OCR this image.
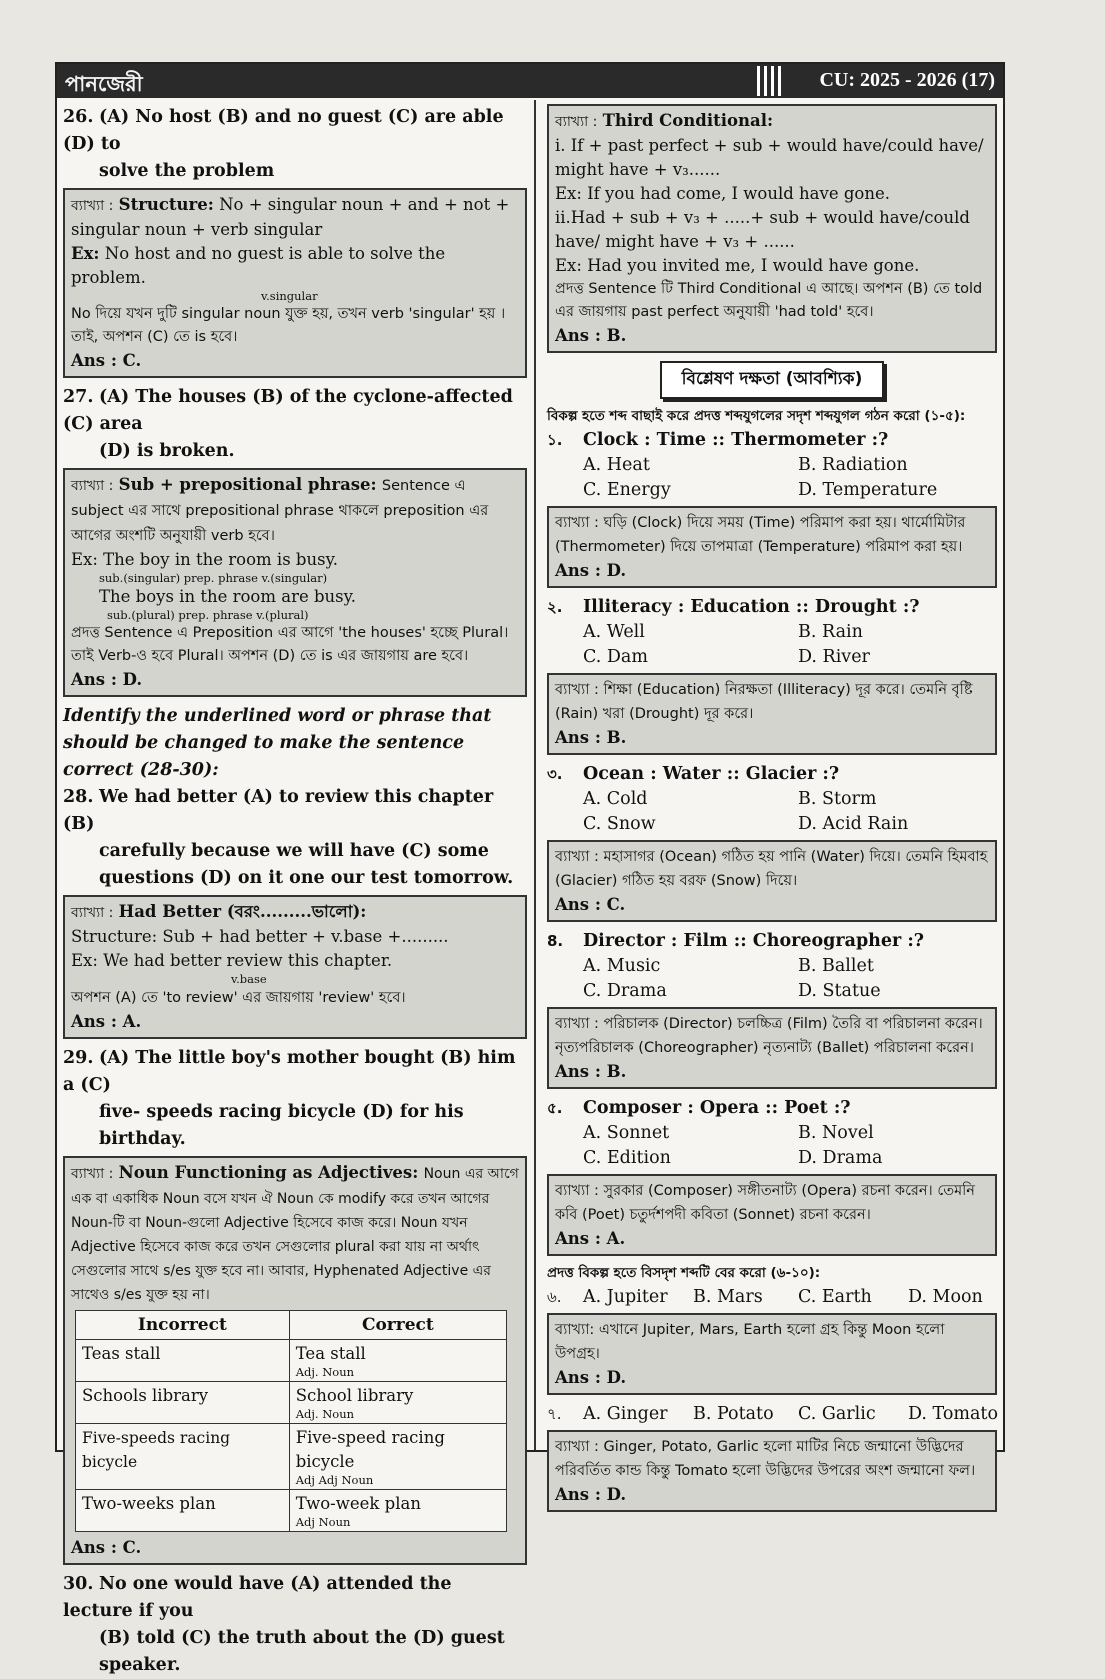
পানজেরী	CU: 2025 - 2026 (17)
26. (A) No host (B) and no guest (C) are able (D) to
solve the problem
ব্যাখ্যা : Structure: No + singular noun + and + not + singular noun + verb singular
Ex: No host and no guest is able to solve the problem.
v.singular
No দিয়ে যখন দুটি singular noun যুক্ত হয়, তখন verb 'singular' হয় । তাই, অপশন (C) তে is হবে।
Ans : C.
27. (A) The houses (B) of the cyclone-affected (C) area
(D) is broken.
ব্যাখ্যা : Sub + prepositional phrase: Sentence এ subject এর সাথে prepositional phrase থাকলে preposition এর আগের অংশটি অনুযায়ী verb হবে।
Ex: The boy in the room is busy.
sub.(singular) prep. phrase v.(singular)
The boys in the room are busy.
sub.(plural) prep. phrase v.(plural)
প্রদত্ত Sentence এ Preposition এর আগে 'the houses' হচ্ছে Plural। তাই Verb-ও হবে Plural। অপশন (D) তে is এর জায়গায় are হবে।
Ans : D.
Identify the underlined word or phrase that should be changed to make the sentence correct (28-30):
28. We had better (A) to review this chapter (B)
carefully because we will have (C) some
questions (D) on it one our test tomorrow.
ব্যাখ্যা : Had Better (বরং.........ভালো):
Structure: Sub + had better + v.base +.........
Ex: We had better review this chapter.
v.base
অপশন (A) তে 'to review' এর জায়গায় 'review' হবে।
Ans : A.
29. (A) The little boy's mother bought (B) him a (C)
five- speeds racing bicycle (D) for his birthday.
ব্যাখ্যা : Noun Functioning as Adjectives: Noun এর আগে এক বা একাধিক Noun বসে যখন ঐ Noun কে modify করে তখন আগের Noun-টি বা Noun-গুলো Adjective হিসেবে কাজ করে। Noun যখন Adjective হিসেবে কাজ করে তখন সেগুলোর plural করা যায় না অর্থাৎ সেগুলোর সাথে s/es যুক্ত হবে না। আবার, Hyphenated Adjective এর সাথেও s/es যুক্ত হয় না।
Incorrect	Correct
Teas stall	Tea stall
Adj. Noun

Schools library	School library
Adj. Noun

Five-speeds racing bicycle	Five-speed racing bicycle
Adj Adj Noun

Two-weeks plan	Two-week plan
Adj Noun
Ans : C.
30. No one would have (A) attended the lecture if you
(B) told (C) the truth about the (D) guest speaker.
ব্যাখ্যা : Third Conditional:
i. If + past perfect + sub + would have/could have/ might have + v₃......
Ex: If you had come, I would have gone.
ii.Had + sub + v₃ + .....+ sub + would have/could have/ might have + v₃ + ......
Ex: Had you invited me, I would have gone.
প্রদত্ত Sentence টি Third Conditional এ আছে। অপশন (B) তে told এর জায়গায় past perfect অনুযায়ী 'had told' হবে।
Ans : B.
বিশ্লেষণ দক্ষতা (আবশ্যিক)
বিকল্প হতে শব্দ বাছাই করে প্রদত্ত শব্দযুগলের সদৃশ শব্দযুগল গঠন করো (১-৫):
১. Clock : Time :: Thermometer :?
A. Heat	B. Radiation
C. Energy	D. Temperature
ব্যাখ্যা : ঘড়ি (Clock) দিয়ে সময় (Time) পরিমাপ করা হয়। থার্মোমিটার (Thermometer) দিয়ে তাপমাত্রা (Temperature) পরিমাপ করা হয়।
Ans : D.
২. Illiteracy : Education :: Drought :?
A. Well	B. Rain
C. Dam	D. River
ব্যাখ্যা : শিক্ষা (Education) নিরক্ষতা (Illiteracy) দূর করে। তেমনি বৃষ্টি (Rain) খরা (Drought) দূর করে।
Ans : B.
৩. Ocean : Water :: Glacier :?
A. Cold	B. Storm
C. Snow	D. Acid Rain
ব্যাখ্যা : মহাসাগর (Ocean) গঠিত হয় পানি (Water) দিয়ে। তেমনি হিমবাহ (Glacier) গঠিত হয় বরফ (Snow) দিয়ে।
Ans : C.
8. Director : Film :: Choreographer :?
A. Music	B. Ballet
C. Drama	D. Statue
ব্যাখ্যা : পরিচালক (Director) চলচ্চিত্র (Film) তৈরি বা পরিচালনা করেন। নৃত্যপরিচালক (Choreographer) নৃত্যনাট্য (Ballet) পরিচালনা করেন।
Ans : B.
৫. Composer : Opera :: Poet :?
A. Sonnet	B. Novel
C. Edition	D. Drama
ব্যাখ্যা : সুরকার (Composer) সঙ্গীতনাট্য (Opera) রচনা করেন। তেমনি কবি (Poet) চতুর্দশপদী কবিতা (Sonnet) রচনা করেন।
Ans : A.
প্রদত্ত বিকল্প হতে বিসদৃশ শব্দটি বের করো (৬-১০):
৬.	A. Jupiter	B. Mars	C. Earth	D. Moon
ব্যাখ্যা: এখানে Jupiter, Mars, Earth হলো গ্রহ কিন্তু Moon হলো উপগ্রহ।
Ans : D.
৭.	A. Ginger	B. Potato	C. Garlic	D. Tomato
ব্যাখ্যা : Ginger, Potato, Garlic হলো মাটির নিচে জন্মানো উদ্ভিদের পরিবর্তিত কান্ড কিন্তু Tomato হলো উদ্ভিদের উপরের অংশ জন্মানো ফল।
Ans : D.
